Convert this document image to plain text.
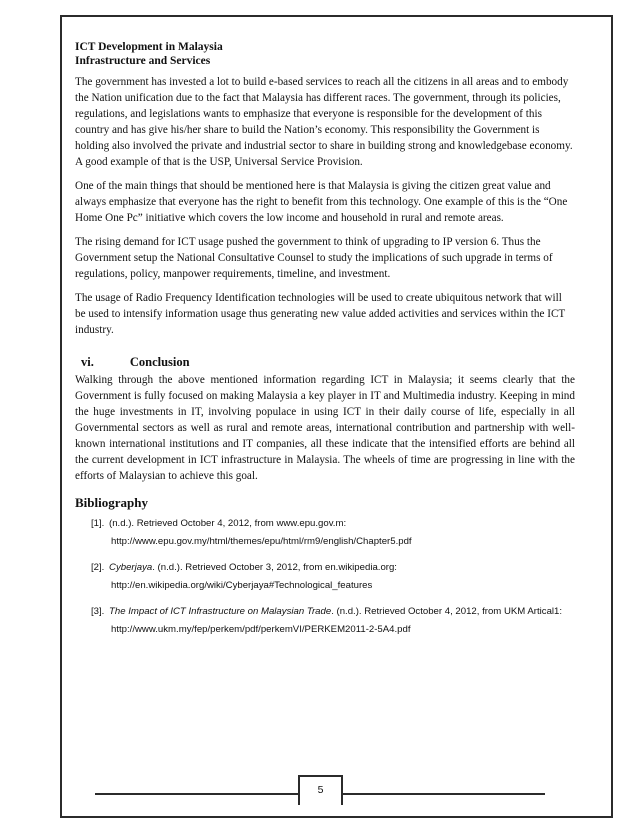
ICT Development in Malaysia

Infrastructure and Services

The government has invested a lot to build e-based services to reach all the citizens in all areas and to embody the Nation unification due to the fact that Malaysia has different races. The government, through its policies, regulations, and legislations wants to emphasize that everyone is responsible for the development of this country and has give his/her share to build the Nation’s economy. This responsibility the Government is holding also involved the private and industrial sector to share in building strong and knowledgebase economy. A good example of that is the USP, Universal Service Provision.

One of the main things that should be mentioned here is that Malaysia is giving the citizen great value and always emphasize that everyone has the right to benefit from this technology. One example of this is the “One Home One Pc” initiative which covers the low income and household in rural and remote areas.

The rising demand for ICT usage pushed the government to think of upgrading to IP version 6. Thus the Government setup the National Consultative Counsel to study the implications of such upgrade in terms of regulations, policy, manpower requirements, timeline, and investment.

The usage of Radio Frequency Identification technologies will be used to create ubiquitous network that will be used to intensify information usage thus generating new value added activities and services within the ICT industry.

vi.	Conclusion

Walking through the above mentioned information regarding ICT in Malaysia; it seems clearly that the Government is fully focused on making Malaysia a key player in IT and Multimedia industry. Keeping in mind the huge investments in IT, involving populace in using ICT in their daily course of life, especially in all Governmental sectors as well as rural and remote areas, international contribution and partnership with well-known international institutions and IT companies, all these indicate that the intensified efforts are behind all the current development in ICT infrastructure in Malaysia. The wheels of time are progressing in line with the efforts of Malaysian to achieve this goal.

Bibliography
[1]. (n.d.). Retrieved October 4, 2012, from www.epu.gov.m: http://www.epu.gov.my/html/themes/epu/html/rm9/english/Chapter5.pdf
[2]. Cyberjaya. (n.d.). Retrieved October 3, 2012, from en.wikipedia.org: http://en.wikipedia.org/wiki/Cyberjaya#Technological_features
[3]. The Impact of ICT Infrastructure on Malaysian Trade. (n.d.). Retrieved October 4, 2012, from UKM Artical1: http://www.ukm.my/fep/perkem/pdf/perkemVI/PERKEM2011-2-5A4.pdf
5
